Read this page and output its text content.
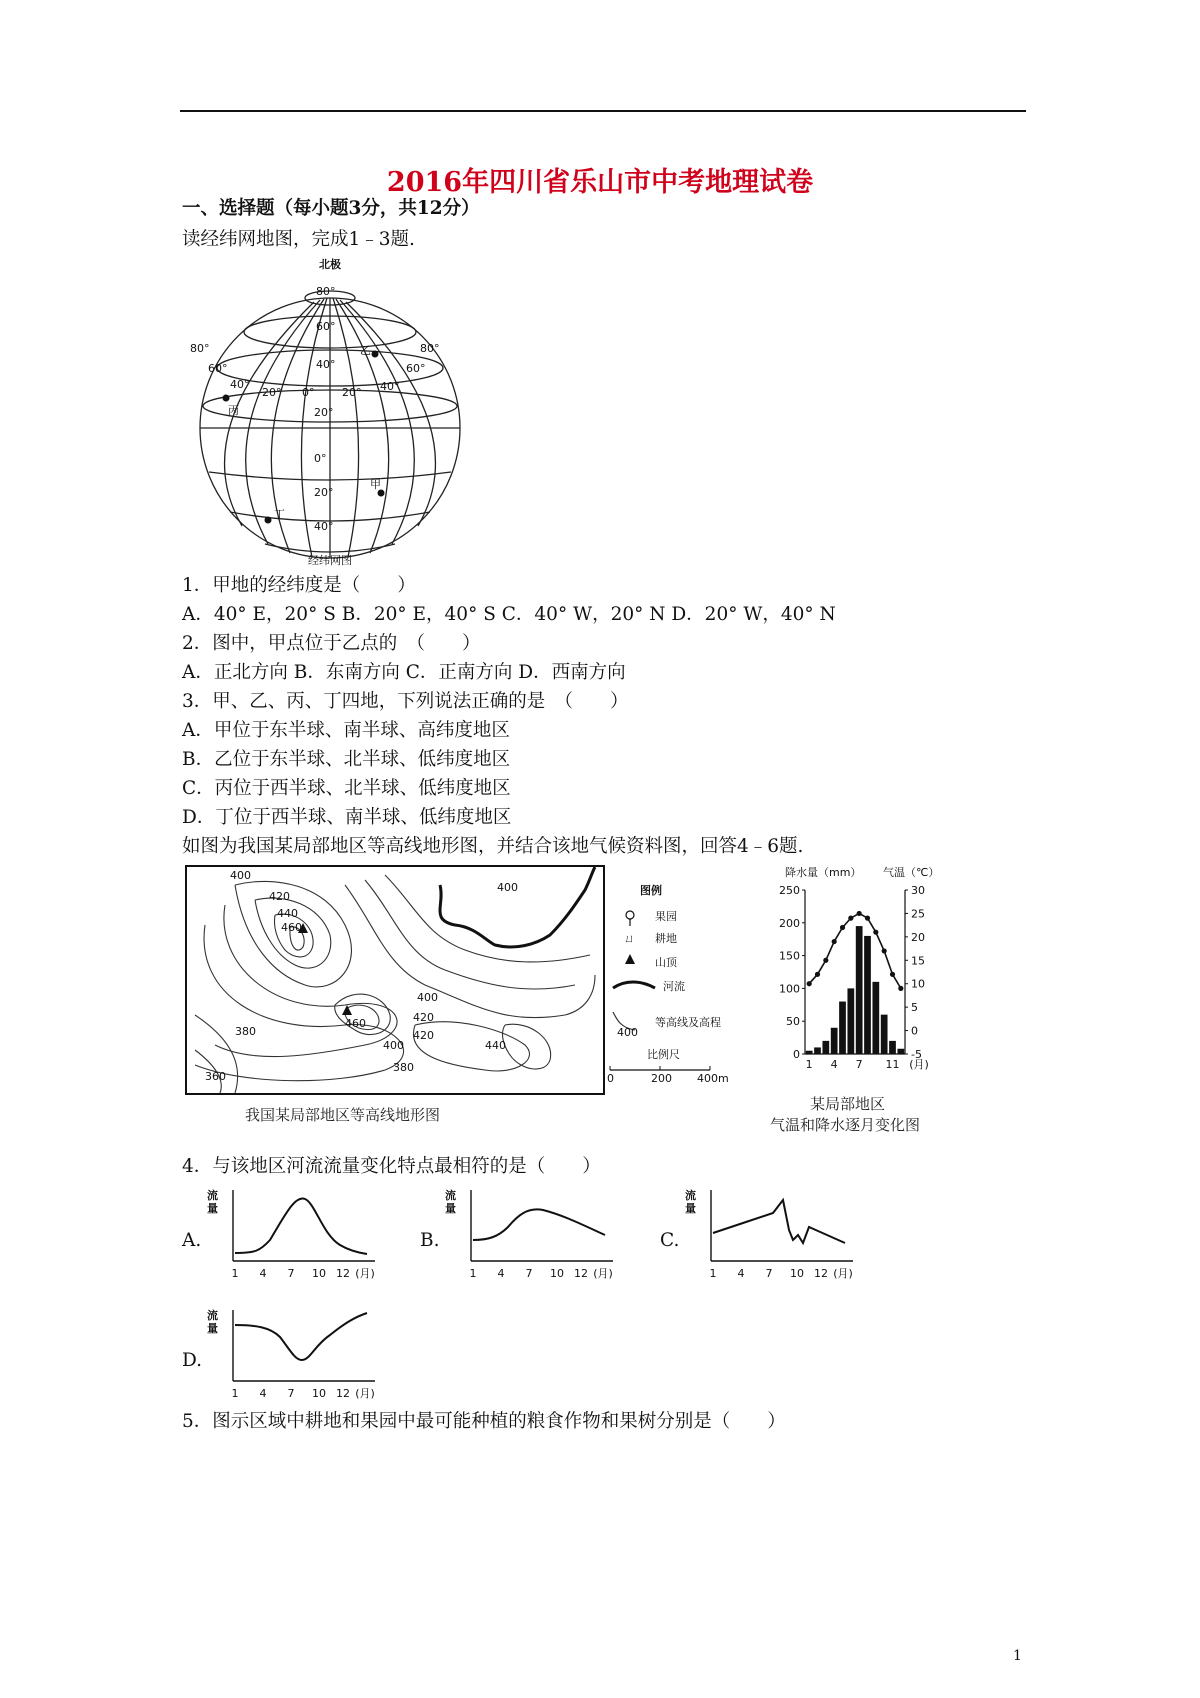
2016年四川省乐山市中考地理试卷
一、选择题（每小题3分，共12分）
读经纬网地图，完成1﹣3题.
北极
80°
60°
40°
20°
0°
20°
40°
80°
60°
40°
20° 0°	20° 40°
60°
80°
甲
乙
丙
丁
经纬网图
1．甲地的经纬度是（　　）
A．40° E，20° S B．20° E，40° S C．40° W，20° N D．20° W，40° N
2．图中，甲点位于乙点的　（　　）
A．正北方向 B．东南方向 C．正南方向 D．西南方向
3．甲、乙、丙、丁四地，下列说法正确的是　（　　）
A．甲位于东半球、南半球、高纬度地区
B．乙位于东半球、北半球、低纬度地区
C．丙位于西半球、北半球、低纬度地区
D．丁位于西半球、南半球、低纬度地区
如图为我国某局部地区等高线地形图，并结合该地气候资料图，回答4﹣6题.
400
420
440
460
460
400
420
400
380
360
440
380
420
400
我国某局部地区等高线地形图
图例
果园
ㄩ 耕地
山顶
河流
400
等高线及高程
比例尺
0	200 400m
降水量（mm） 气温（℃）
0
50
100
150
200
250
-5
0
5
10
15
20
25
30
1 4 7 11 (月)
某局部地区
气温和降水逐月变化图
4．与该地区河流流量变化特点最相符的是（　　）
A.
流
量
1 4 7 10 12 (月)
B.
流
量
1 4 7 10 12 (月)
C.
流
量
1 4 7 10 12 (月)
D.
流
量
1 4 7 10 12 (月)
5．图示区域中耕地和果园中最可能种植的粮食作物和果树分别是（　　）
1
